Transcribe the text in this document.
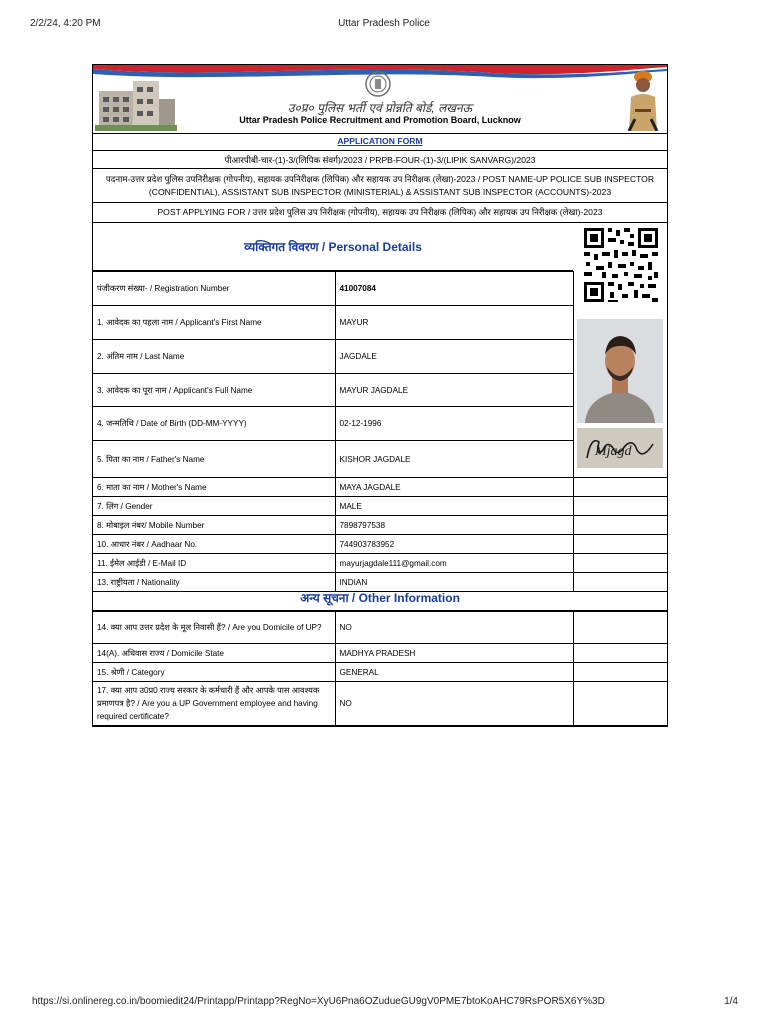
2/2/24, 4:20 PM	Uttar Pradesh Police
उ०प्र० पुलिस भर्ती एवं प्रोन्नति बोर्ड, लखनऊ
Uttar Pradesh Police Recruitment and Promotion Board, Lucknow
APPLICATION FORM
पीआरपीबी-चार-(1)-3/(लिपिक संवर्ग)/2023 / PRPB-FOUR-(1)-3/(LIPIK SANVARG)/2023
पदनाम-उत्तर प्रदेश पुलिस उपनिरीक्षक (गोपनीय), सहायक उपनिरीक्षक (लिपिक) और सहायक उप निरीक्षक (लेखा)-2023 / POST NAME-UP POLICE SUB INSPECTOR (CONFIDENTIAL), ASSISTANT SUB INSPECTOR (MINISTERIAL) & ASSISTANT SUB INSPECTOR (ACCOUNTS)-2023
POST APPLYING FOR / उत्तर प्रदेश पुलिस उप निरीक्षक (गोपनीय), सहायक उप निरीक्षक (लिपिक) और सहायक उप निरीक्षक (लेखा)-2023
व्यक्तिगत विवरण / Personal Details
Mjagd
पंजीकरण संख्या- / Registration Number	41007084	
1. आवेदक का पहला नाम / Applicant's First Name	MAYUR	
2. अंतिम नाम / Last Name	JAGDALE	
3. आवेदक का पूरा नाम / Applicant's Full Name	MAYUR JAGDALE	
4. जन्मतिथि / Date of Birth (DD-MM-YYYY)	02-12-1996	
5. पिता का नाम / Father's Name	KISHOR JAGDALE	
6. माता का नाम / Mother's Name	MAYA JAGDALE	
7. लिंग / Gender	MALE	
8. मोबाइल नंबर/ Mobile Number	7898797538	
10. आधार नंबर / Aadhaar No.	744903783952	
11. ईमेल आईडी / E-Mail ID	mayurjagdale111@gmail.com	
13. राष्ट्रीयता / Nationality	INDIAN	
अन्य सूचना / Other Information
14. क्या आप उत्तर प्रदेश के मूल निवासी हैं? / Are you Domicile of UP?	NO	
14(A). अधिवास राज्य / Domicile State	MADHYA PRADESH	
15. श्रेणी / Category	GENERAL	
17. क्या आप उ0प्र0 राज्य सरकार के कर्मचारी हैं और आपके पास आवश्यक प्रमाणपत्र है? / Are you a UP Government employee and having required certificate?	NO	
https://si.onlinereg.co.in/boomiedit24/Printapp/Printapp?RegNo=XyU6Pna6OZudueGU9gV0PME7btoKoAHC79RsPOR5X6Y%3D	1/4
